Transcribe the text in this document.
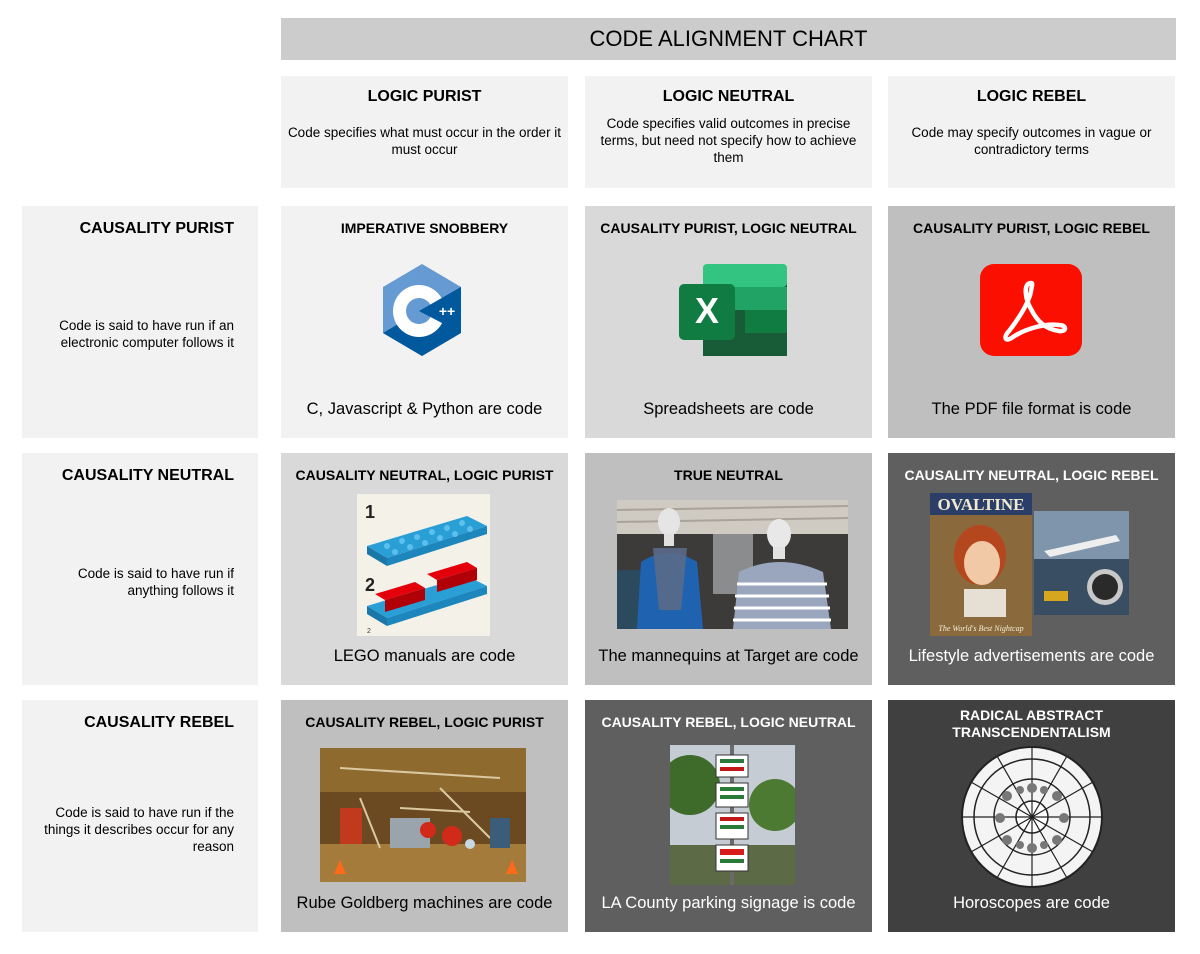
CODE ALIGNMENT CHART
LOGIC PURIST
Code specifies what must occur in the order it must occur
LOGIC NEUTRAL
Code specifies valid outcomes in precise terms, but need not specify how to achieve them
LOGIC REBEL
Code may specify outcomes in vague or contradictory terms
CAUSALITY PURIST
Code is said to have run if an electronic computer follows it
CAUSALITY NEUTRAL
Code is said to have run if anything follows it
CAUSALITY REBEL
Code is said to have run if the things it describes occur for any reason
IMPERATIVE SNOBBERY
++
C, Javascript & Python are code
CAUSALITY PURIST, LOGIC NEUTRAL
X
Spreadsheets are code
CAUSALITY PURIST, LOGIC REBEL
The PDF file format is code
CAUSALITY NEUTRAL, LOGIC PURIST
1
2
2
LEGO manuals are code
TRUE NEUTRAL
The mannequins at Target are code
CAUSALITY NEUTRAL, LOGIC REBEL
OVALTINE
The World's Best Nightcap
Lifestyle advertisements are code
CAUSALITY REBEL, LOGIC PURIST
Rube Goldberg machines are code
CAUSALITY REBEL, LOGIC NEUTRAL
LA County parking signage is code
RADICAL ABSTRACT TRANSCENDENTALISM
Horoscopes are code
